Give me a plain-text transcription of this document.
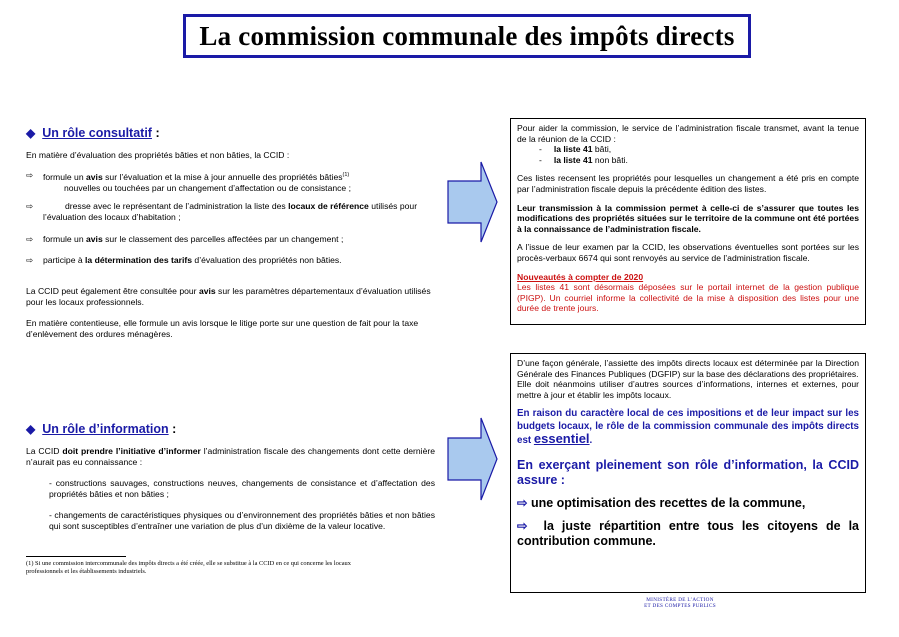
La commission communale des impôts directs
◆ Un rôle consultatif :
En matière d’évaluation des propriétés bâties et non bâties, la CCID :
⇨ formule un avis sur l’évaluation et la mise à jour annuelle des propriétés bâties$^{(1)}$
nouvelles ou touchées par un changement d’affectation ou de consistance ;
⇨	dresse avec le représentant de l’administration la liste des locaux de référence utilisés pour
l’évaluation des locaux d’habitation ;
⇨ formule un avis sur le classement des parcelles affectées par un changement ;
⇨ participe à la détermination des tarifs d’évaluation des propriétés non bâties.
La CCID peut également être consultée pour avis sur les paramètres départementaux d’évaluation utilisés pour les locaux professionnels.
En matière contentieuse, elle formule un avis lorsque le litige porte sur une question de fait pour la taxe d’enlèvement des ordures ménagères.

Pour aider la commission, le service de l’administration fiscale transmet, avant la tenue de la réunion de la CCID :

-     la liste 41 bâti,
-     la liste 41 non bâti.

Ces listes recensent les propriétés pour lesquelles un changement a été pris en compte par l’administration fiscale depuis la précédente édition des listes.

Leur transmission à la commission permet à celle-ci de s’assurer que toutes les modifications des propriétés situées sur le territoire de la commune ont été portées à la connaissance de l’administration fiscale.

A l’issue de leur examen par la CCID, les observations éventuelles sont portées sur les procès-verbaux 6674 qui sont renvoyés au service de l’administration fiscale.

Nouveautés à compter de 2020

Les listes 41 sont désormais déposées sur le portail internet de la gestion publique (PIGP). Un courriel informe la collectivité de la mise à disposition des listes pour une durée de trente jours.

◆ Un rôle d’information :
La CCID doit prendre l’initiative d’informer l’administration fiscale des changements dont cette dernière n’aurait pas eu connaissance :
- constructions sauvages, constructions neuves, changements de consistance et d’affectation des propriétés bâties et non bâties ;
- changements de caractéristiques physiques ou d’environnement des propriétés bâties et non bâties qui sont susceptibles d’entraîner une variation de plus d’un dixième de la valeur locative.
(1) Si une commission intercommunale des impôts directs a été créée, elle se substitue à la CCID en ce qui concerne les locaux professionnels et les établissements industriels.

D’une façon générale, l’assiette des impôts directs locaux est déterminée par la Direction Générale des Finances Publiques (DGFIP) sur la base des déclarations des propriétaires.

Elle doit néanmoins utiliser d’autres sources d’informations, internes et externes, pour mettre à jour et établir les impôts locaux.

En raison du caractère local de ces impositions et de leur impact sur les budgets locaux, le rôle de la commission communale des impôts directs est essentiel.

En exerçant pleinement son rôle d’information, la CCID assure :

⇨ une optimisation des recettes de la commune,

⇨ la juste répartition entre tous les citoyens de la contribution commune.

MINISTÈRE DE L’ACTION
ET DES COMPTES PUBLICS
